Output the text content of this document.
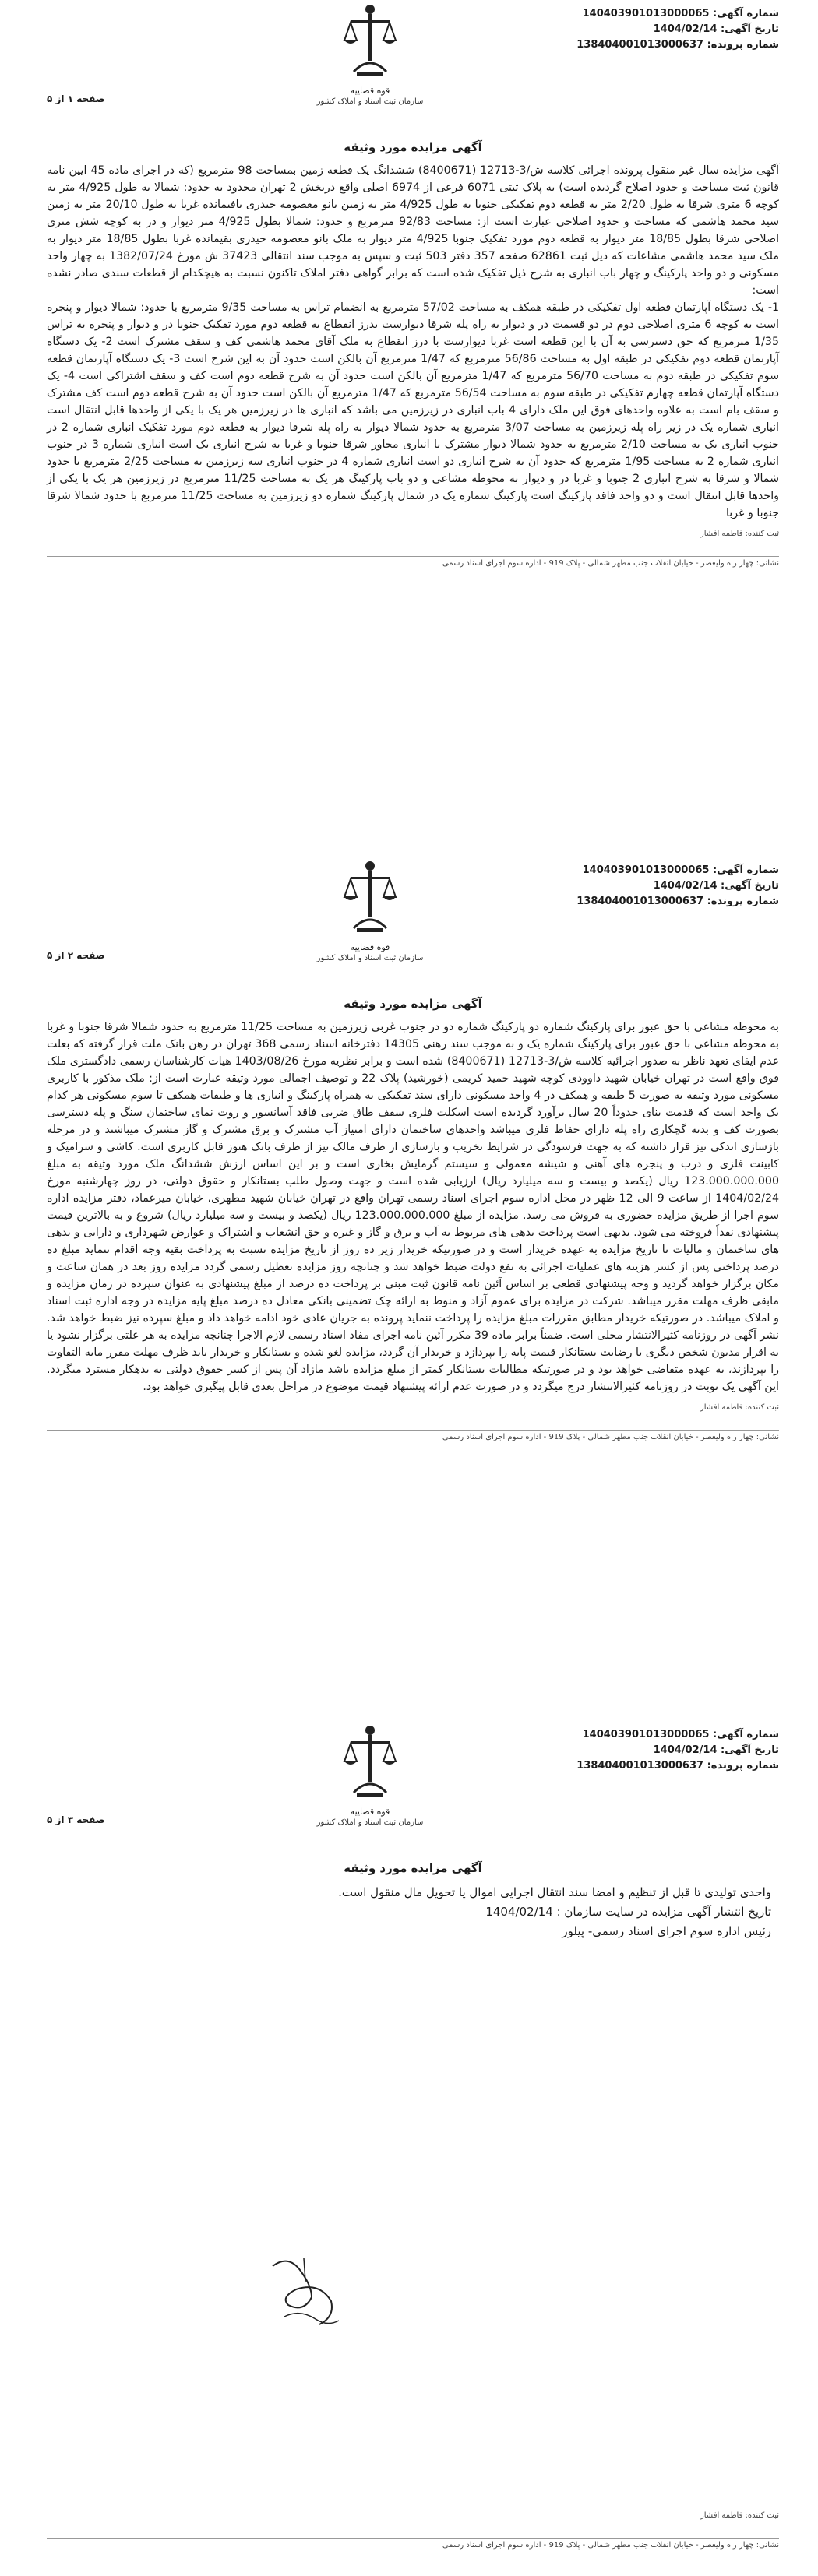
شماره آگهی: 140403901013000065
تاریخ آگهی: 1404/02/14
شماره پرونده: 138404001013000637
قوه قضاییه
سازمان ثبت اسناد و املاک کشور
صفحه ۱ از ۵
آگهی مزایده مورد وثیقه
آگهی مزایده سال غیر منقول پرونده اجرائی کلاسه ش/3-12713 (8400671) ششدانگ یک قطعه زمین بمساحت 98 مترمربع (که در اجرای ماده 45 ایین نامه قانون ثبت مساحت و حدود اصلاح گردیده است) به پلاک ثبتی 6071 فرعی از 6974 اصلی واقع دربخش 2 تهران محدود به حدود: شمالا به طول 4/925 متر به کوچه 6 متری شرقا به طول 2/20 متر به قطعه دوم تفکیکی جنوبا به طول 4/925 متر به زمین بانو معصومه حیدری بافیمانده غربا به طول 20/10 متر به زمین سید محمد هاشمی که مساحت و حدود اصلاحی عبارت است از: مساحت 92/83 مترمربع و حدود: شمالا بطول 4/925 متر دیوار و در به کوچه شش متری اصلاحی شرقا بطول 18/85 متر دیوار به قطعه دوم مورد تفکیک جنوبا 4/925 متر دیوار به ملک بانو معصومه حیدری بقیمانده غربا بطول 18/85 متر دیوار به ملک سید محمد هاشمی مشاعات که ذیل ثبت 62861 صفحه 357 دفتر 503 ثبت و سپس به موجب سند انتقالی 37423 ش مورخ 1382/07/24 به چهار واحد مسکونی و دو واحد پارکینگ و چهار باب انباری به شرح ذیل تفکیک شده است که برابر گواهی دفتر املاک تاکنون نسبت به هیچکدام از قطعات سندی صادر نشده است:
1- یک دستگاه آپارتمان قطعه اول تفکیکی در طبقه همکف به مساحت 57/02 مترمربع به انضمام تراس به مساحت 9/35 مترمربع با حدود: شمالا دیوار و پنجره است به کوچه 6 متری اصلاحی دوم در دو قسمت در و دیوار به راه پله شرقا دیوارست بدرز انقطاع به قطعه دوم مورد تفکیک جنوبا در و دیوار و پنجره به تراس 1/35 مترمربع که حق دسترسی به آن با این قطعه است غربا دیوارست با درز انقطاع به ملک آقای محمد هاشمی کف و سقف مشترک است 2- یک دستگاه آپارتمان قطعه دوم تفکیکی در طبقه اول به مساحت 56/86 مترمربع که 1/47 مترمربع آن بالکن است حدود آن به این شرح است 3- یک دستگاه آپارتمان قطعه سوم تفکیکی در طبقه دوم به مساحت 56/70 مترمربع که 1/47 مترمربع آن بالکن است حدود آن به شرح قطعه دوم است کف و سقف اشتراکی است 4- یک دستگاه آپارتمان قطعه چهارم تفکیکی در طبقه سوم به مساحت 56/54 مترمربع که 1/47 مترمربع آن بالکن است حدود آن به شرح قطعه دوم است کف مشترک و سقف بام است به علاوه واحدهای فوق این ملک دارای 4 باب انباری در زیرزمین می باشد که انباری ها در زیرزمین هر یک با یکی از واحدها قابل انتقال است انباری شماره یک در زیر راه پله زیرزمین به مساحت 3/07 مترمربع به حدود شمالا دیوار به راه پله شرقا دیوار به قطعه دوم مورد تفکیک انباری شماره 2 در جنوب انباری یک به مساحت 2/10 مترمربع به حدود شمالا دیوار مشترک با انباری مجاور شرقا جنوبا و غربا به شرح انباری یک است انباری شماره 3 در جنوب انباری شماره 2 به مساحت 1/95 مترمربع که حدود آن به شرح انباری دو است انباری شماره 4 در جنوب انباری سه زیرزمین به مساحت 2/25 مترمربع با حدود شمالا و شرقا به شرح انباری 2 جنوبا و غربا در و دیوار به محوطه مشاعی و دو باب پارکینگ هر یک به مساحت 11/25 مترمربع در زیرزمین هر یک با یکی از واحدها قابل انتقال است و دو واحد فاقد پارکینگ است پارکینگ شماره یک در شمال پارکینگ شماره دو زیرزمین به مساحت 11/25 مترمربع با حدود شمالا شرقا جنوبا و غربا
ثبت کننده: فاطمه افشار
نشانی: چهار راه ولیعصر - خیابان انقلاب جنب مطهر شمالی - پلاک 919 - اداره سوم اجرای اسناد رسمی
شماره آگهی: 140403901013000065
تاریخ آگهی: 1404/02/14
شماره پرونده: 138404001013000637
قوه قضاییه
سازمان ثبت اسناد و املاک کشور
صفحه ۲ از ۵
آگهی مزایده مورد وثیقه
به محوطه مشاعی با حق عبور برای پارکینگ شماره دو پارکینگ شماره دو در جنوب غربی زیرزمین به مساحت 11/25 مترمربع به حدود شمالا شرقا جنوبا و غربا به محوطه مشاعی با حق عبور برای پارکینگ شماره یک و به موجب سند رهنی 14305 دفترخانه اسناد رسمی 368 تهران در رهن بانک ملت قرار گرفته که بعلت عدم ایفای تعهد ناظر به صدور اجرائیه کلاسه ش/3-12713 (8400671) شده است و برابر نظریه مورخ 1403/08/26 هیات کارشناسان رسمی دادگستری ملک فوق واقع است در تهران خیابان شهید داوودی کوچه شهید حمید کریمی (خورشید) پلاک 22 و توصیف اجمالی مورد وثیقه عبارت است از: ملک مذکور با کاربری مسکونی مورد وثیقه به صورت 5 طبقه و همکف در 4 واحد مسکونی دارای سند تفکیکی به همراه پارکینگ و انباری ها و طبقات همکف تا سوم مسکونی هر کدام یک واحد است که قدمت بنای حدوداً 20 سال برآورد گردیده است اسکلت فلزی سقف طاق ضربی فاقد آسانسور و روت نمای ساختمان سنگ و پله دسترسی بصورت کف و بدنه گچکاری راه پله دارای حفاظ فلزی میباشد واحدهای ساختمان دارای امتیاز آب مشترک و برق مشترک و گاز مشترک میباشند و در مرحله بازسازی اندکی نیز قرار داشته که به جهت فرسودگی در شرایط تخریب و بازسازی از طرف مالک نیز از طرف بانک هنوز قابل کاربری است. کاشی و سرامیک و کابینت فلزی و درب و پنجره های آهنی و شیشه معمولی و سیستم گرمایش بخاری است و بر این اساس ارزش ششدانگ ملک مورد وثیقه به مبلغ 123.000.000.000 ریال (یکصد و بیست و سه میلیارد ریال) ارزیابی شده است و جهت وصول طلب بستانکار و حقوق دولتی، در روز چهارشنبه مورخ 1404/02/24 از ساعت 9 الی 12 ظهر در محل اداره سوم اجرای اسناد رسمی تهران واقع در تهران خیابان شهید مطهری، خیابان میرعماد، دفتر مزایده اداره سوم اجرا از طریق مزایده حضوری به فروش می رسد. مزایده از مبلغ 123.000.000.000 ریال (یکصد و بیست و سه میلیارد ریال) شروع و به بالاترین قیمت پیشنهادی نقداً فروخته می شود. بدیهی است پرداخت بدهی های مربوط به آب و برق و گاز و غیره و حق انشعاب و اشتراک و عوارض شهرداری و دارایی و بدهی های ساختمان و مالیات تا تاریخ مزایده به عهده خریدار است و در صورتیکه خریدار زیر ده روز از تاریخ مزایده نسبت به پرداخت بقیه وجه اقدام ننماید مبلغ ده درصد پرداختی پس از کسر هزینه های عملیات اجرائی به نفع دولت ضبط خواهد شد و چنانچه روز مزایده تعطیل رسمی گردد مزایده روز بعد در همان ساعت و مکان برگزار خواهد گردید و وجه پیشنهادی قطعی بر اساس آئین نامه قانون ثبت مبنی بر پرداخت ده درصد از مبلغ پیشنهادی به عنوان سپرده در زمان مزایده و مابقی ظرف مهلت مقرر میباشد. شرکت در مزایده برای عموم آزاد و منوط به ارائه چک تضمینی بانکی معادل ده درصد مبلغ پایه مزایده در وجه اداره ثبت اسناد و املاک میباشد. در صورتیکه خریدار مطابق مقررات مبلغ مزایده را پرداخت ننماید پرونده به جریان عادی خود ادامه خواهد داد و مبلغ سپرده نیز ضبط خواهد شد. نشر آگهی در روزنامه کثیرالانتشار محلی است. ضمناً برابر ماده 39 مکرر آئین نامه اجرای مفاد اسناد رسمی لازم الاجرا چنانچه مزایده به هر علتی برگزار نشود یا به اقرار مدیون شخص دیگری با رضایت بستانکار قیمت پایه را بپردازد و خریدار آن گردد، مزایده لغو شده و بستانکار و خریدار باید ظرف مهلت مقرر مابه التفاوت را بپردازند، به عهده متقاضی خواهد بود و در صورتیکه مطالبات بستانکار کمتر از مبلغ مزایده باشد مازاد آن پس از کسر حقوق دولتی به بدهکار مسترد میگردد. این آگهی یک نوبت در روزنامه کثیرالانتشار درج میگردد و در صورت عدم ارائه پیشنهاد قیمت موضوع در مراحل بعدی قابل پیگیری خواهد بود.
ثبت کننده: فاطمه افشار
نشانی: چهار راه ولیعصر - خیابان انقلاب جنب مطهر شمالی - پلاک 919 - اداره سوم اجرای اسناد رسمی
شماره آگهی: 140403901013000065
تاریخ آگهی: 1404/02/14
شماره پرونده: 138404001013000637
قوه قضاییه
سازمان ثبت اسناد و املاک کشور
صفحه ۳ از ۵
آگهی مزایده مورد وثیقه
واحدی تولیدی تا قبل از تنظیم و امضا سند انتقال اجرایی اموال یا تحویل مال منقول است.
تاریخ انتشار آگهی مزایده در سایت سازمان : 1404/02/14
رئیس اداره سوم اجرای اسناد رسمی- پیلور
ثبت کننده: فاطمه افشار
نشانی: چهار راه ولیعصر - خیابان انقلاب جنب مطهر شمالی - پلاک 919 - اداره سوم اجرای اسناد رسمی
